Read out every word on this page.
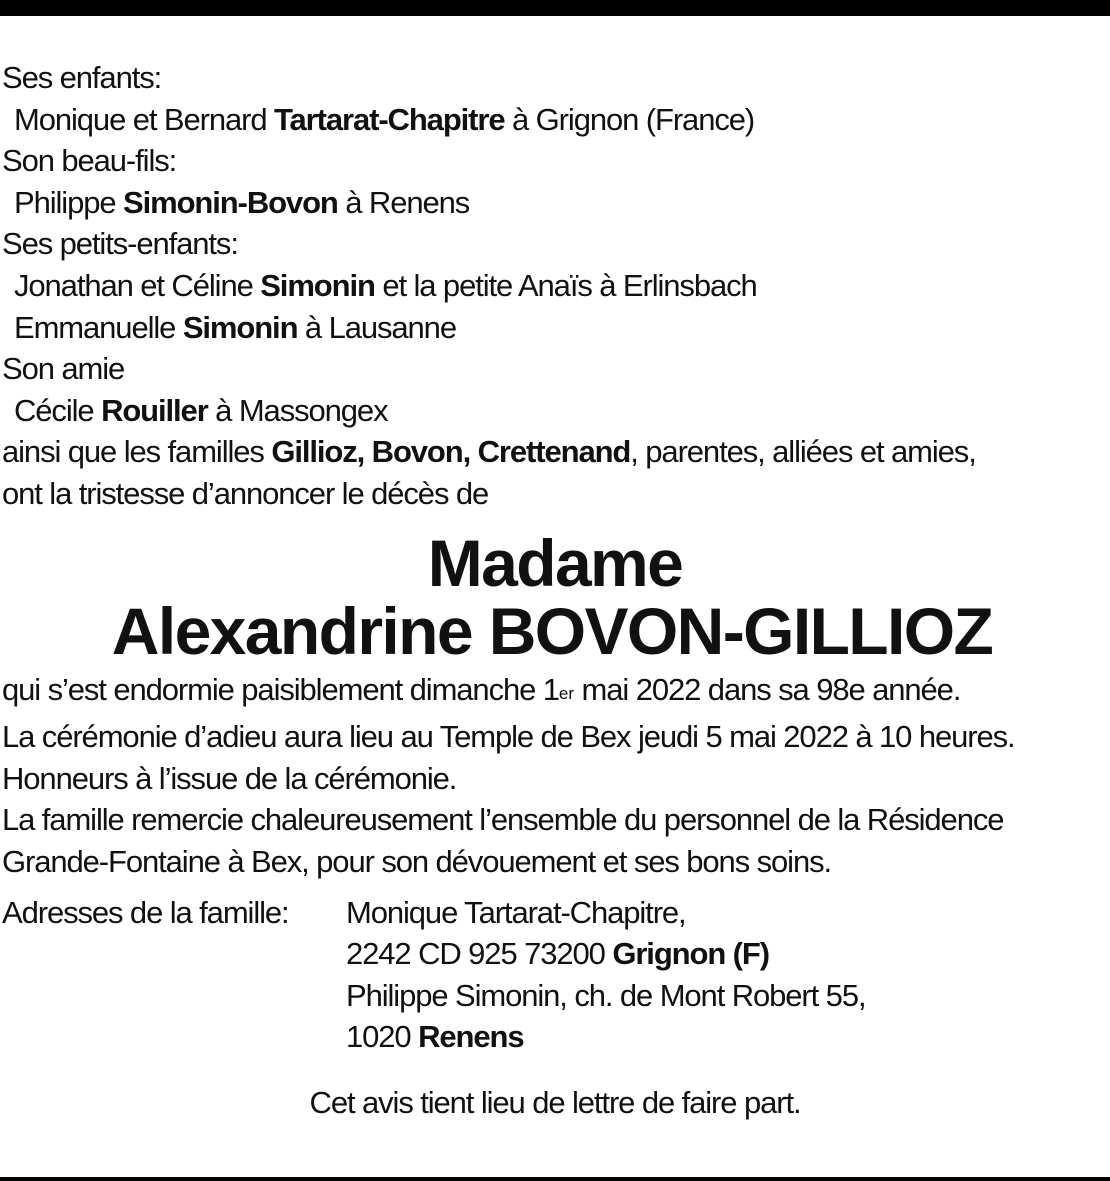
Ses enfants:
Monique et Bernard Tartarat-Chapitre à Grignon (France)
Son beau-fils:
Philippe Simonin-Bovon à Renens
Ses petits-enfants:
Jonathan et Céline Simonin et la petite Anaïs à Erlinsbach
Emmanuelle Simonin à Lausanne
Son amie
Cécile Rouiller à Massongex
ainsi que les familles Gillioz, Bovon, Crettenand, parentes, alliées et amies,
ont la tristesse d’annoncer le décès de
Madame
Alexandrine BOVON-GILLIOZ
qui s’est endormie paisiblement dimanche 1er mai 2022 dans sa 98e année.
La cérémonie d’adieu aura lieu au Temple de Bex jeudi 5 mai 2022 à 10 heures.
Honneurs à l’issue de la cérémonie.
La famille remercie chaleureusement l’ensemble du personnel de la Résidence
Grande-Fontaine à Bex, pour son dévouement et ses bons soins.
Adresses de la famille:	Monique Tartarat-Chapitre,
2242 CD 925 73200 Grignon (F)
Philippe Simonin, ch. de Mont Robert 55,
1020 Renens
Cet avis tient lieu de lettre de faire part.
